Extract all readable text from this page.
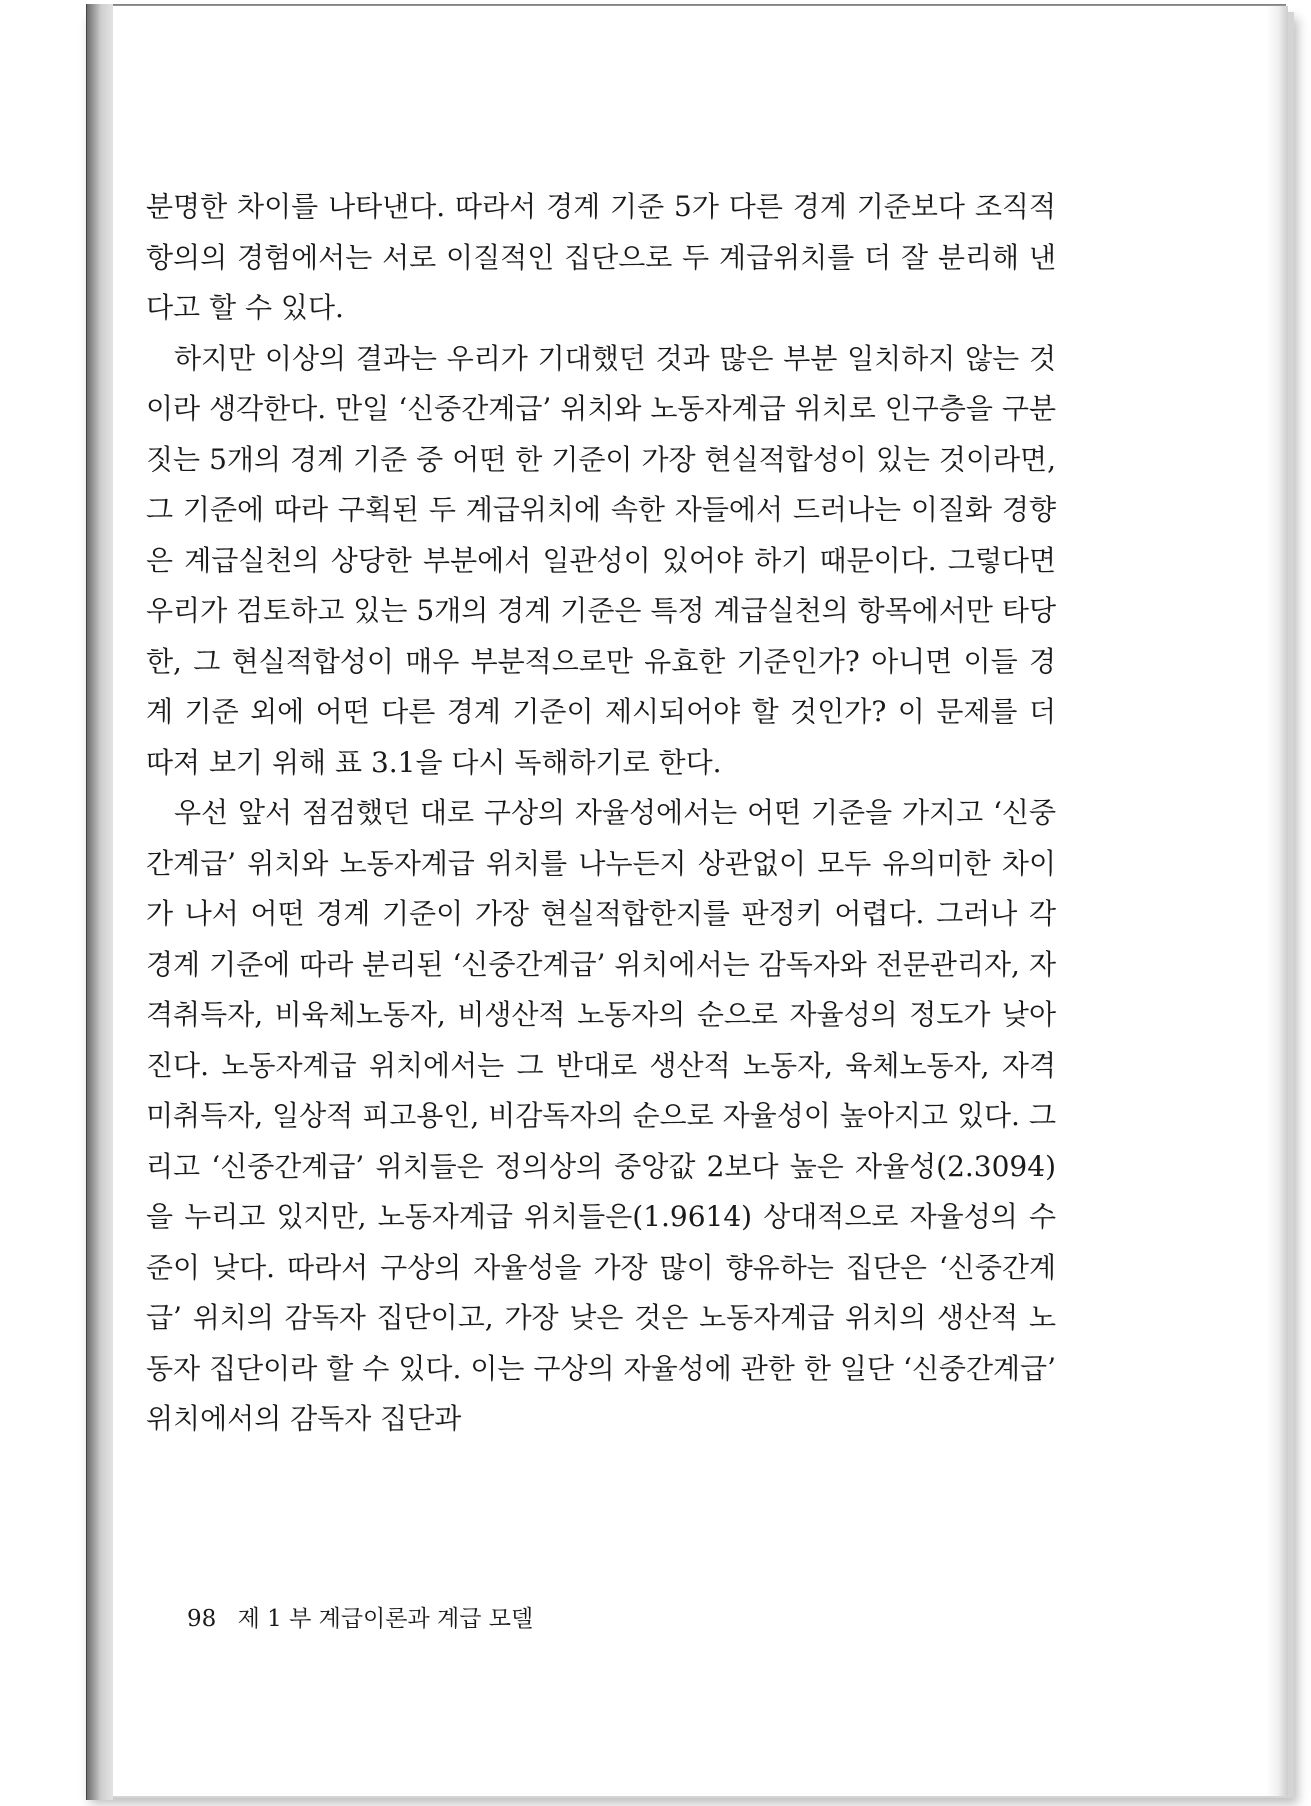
분명한 차이를 나타낸다. 따라서 경계 기준 5가 다른 경계 기준보다 조직적 항의의 경험에서는 서로 이질적인 집단으로 두 계급위치를 더 잘 분리해 낸다고 할 수 있다.

하지만 이상의 결과는 우리가 기대했던 것과 많은 부분 일치하지 않는 것이라 생각한다. 만일 ‘신중간계급’ 위치와 노동자계급 위치로 인구층을 구분짓는 5개의 경계 기준 중 어떤 한 기준이 가장 현실적합성이 있는 것이라면, 그 기준에 따라 구획된 두 계급위치에 속한 자들에서 드러나는 이질화 경향은 계급실천의 상당한 부분에서 일관성이 있어야 하기 때문이다. 그렇다면 우리가 검토하고 있는 5개의 경계 기준은 특정 계급실천의 항목에서만 타당한, 그 현실적합성이 매우 부분적으로만 유효한 기준인가? 아니면 이들 경계 기준 외에 어떤 다른 경계 기준이 제시되어야 할 것인가? 이 문제를 더 따져 보기 위해 표 3.1을 다시 독해하기로 한다.

우선 앞서 점검했던 대로 구상의 자율성에서는 어떤 기준을 가지고 ‘신중간계급’ 위치와 노동자계급 위치를 나누든지 상관없이 모두 유의미한 차이가 나서 어떤 경계 기준이 가장 현실적합한지를 판정키 어렵다. 그러나 각 경계 기준에 따라 분리된 ‘신중간계급’ 위치에서는 감독자와 전문관리자, 자격취득자, 비육체노동자, 비생산적 노동자의 순으로 자율성의 정도가 낮아진다. 노동자계급 위치에서는 그 반대로 생산적 노동자, 육체노동자, 자격 미취득자, 일상적 피고용인, 비감독자의 순으로 자율성이 높아지고 있다. 그리고 ‘신중간계급’ 위치들은 정의상의 중앙값 2보다 높은 자율성(2.3094)을 누리고 있지만, 노동자계급 위치들은(1.9614) 상대적으로 자율성의 수준이 낮다. 따라서 구상의 자율성을 가장 많이 향유하는 집단은 ‘신중간계급’ 위치의 감독자 집단이고, 가장 낮은 것은 노동자계급 위치의 생산적 노동자 집단이라 할 수 있다. 이는 구상의 자율성에 관한 한 일단 ‘신중간계급’ 위치에서의 감독자 집단과

98 제 1 부 계급이론과 계급 모델
